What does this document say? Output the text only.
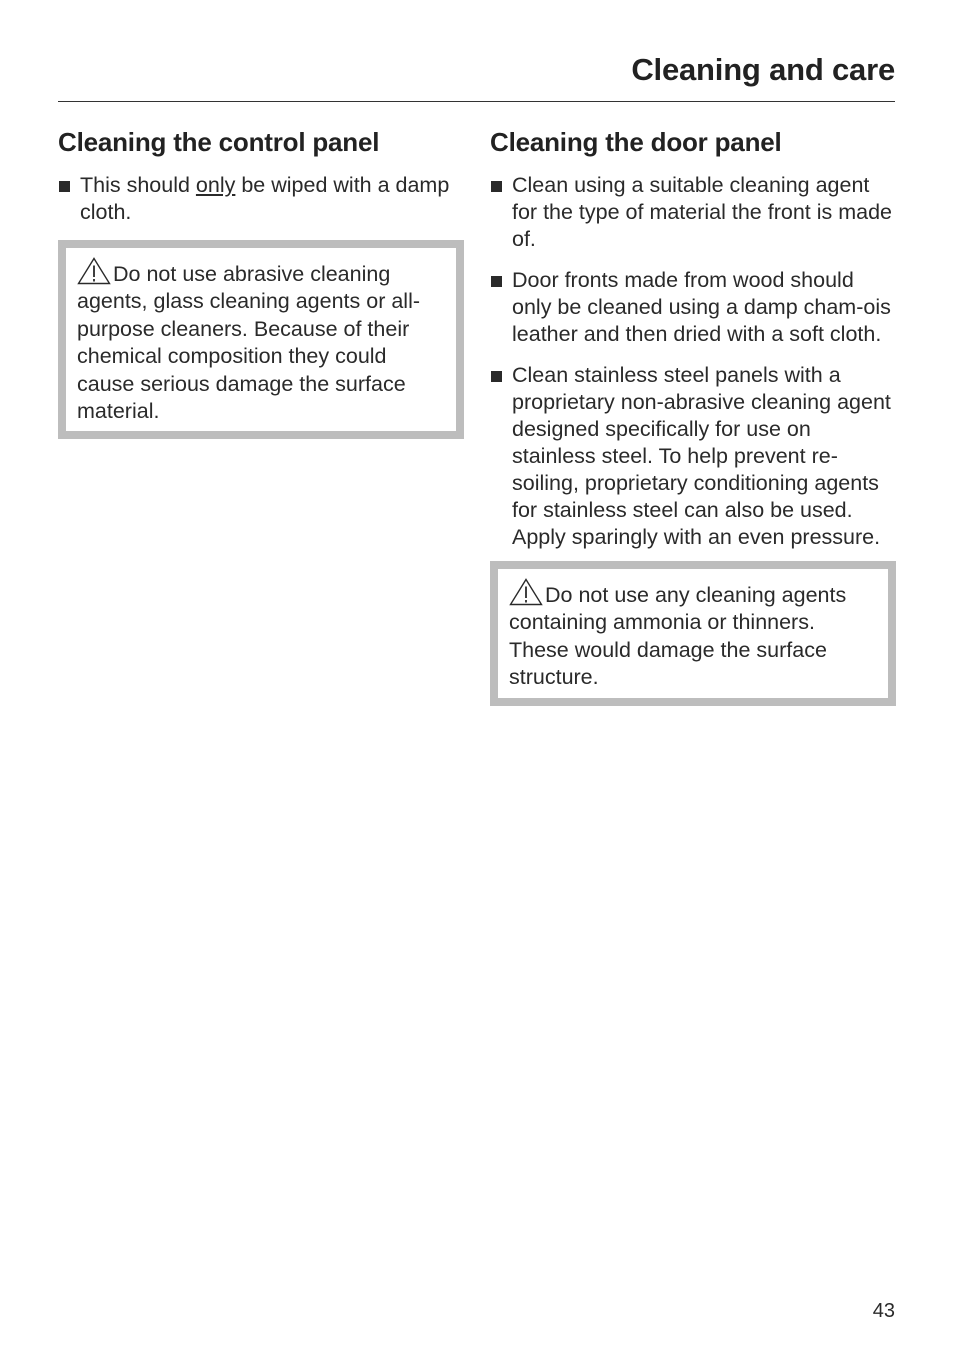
Cleaning and care
Cleaning the control panel
This should only be wiped with a damp cloth.
Do not use abrasive cleaning agents, glass cleaning agents or all-purpose cleaners. Because of their chemical composition they could cause serious damage the surface material.
Cleaning the door panel
Clean using a suitable cleaning agent for the type of material the front is made of.
Door fronts made from wood should only be cleaned using a damp cham-ois leather and then dried with a soft cloth.
Clean stainless steel panels with a proprietary non-abrasive cleaning agent designed specifically for use on stainless steel. To help prevent re-soiling, proprietary conditioning agents for stainless steel can also be used. Apply sparingly with an even pressure.
Do not use any cleaning agents containing ammonia or thinners. These would damage the surface structure.
43
